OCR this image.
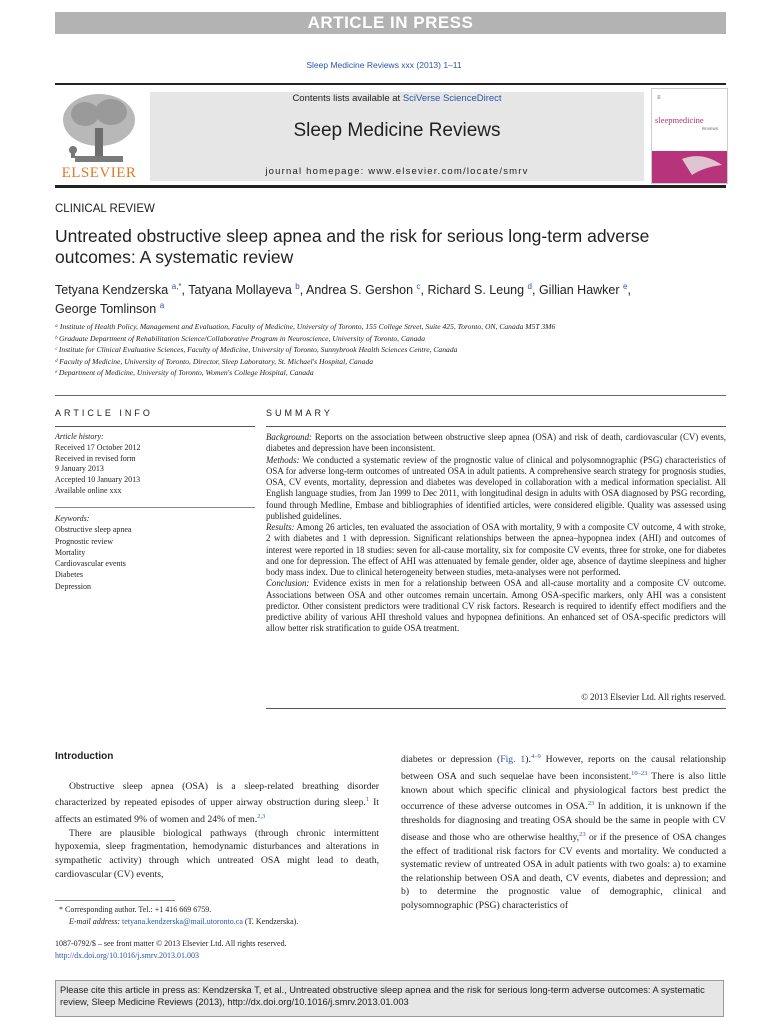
ARTICLE IN PRESS
Sleep Medicine Reviews xxx (2013) 1–11
ELSEVIER
Contents lists available at SciVerse ScienceDirect
Sleep Medicine Reviews
journal homepage: www.elsevier.com/locate/smrv
≡
sleepmedicine
REVIEWS
CLINICAL REVIEW
Untreated obstructive sleep apnea and the risk for serious long-term adverse outcomes: A systematic review
Tetyana Kendzerska $^{a,*}$, Tatyana Mollayeva $^b$, Andrea S. Gershon $^c$, Richard S. Leung $^d$, Gillian Hawker $^e$,
George Tomlinson $^a$
ᵃ Institute of Health Policy, Management and Evaluation, Faculty of Medicine, University of Toronto, 155 College Street, Suite 425, Toronto, ON, Canada M5T 3M6
ᵇ Graduate Department of Rehabilitation Science/Collaborative Program in Neuroscience, University of Toronto, Canada
ᶜ Institute for Clinical Evaluative Sciences, Faculty of Medicine, University of Toronto, Sunnybrook Health Sciences Centre, Canada
ᵈ Faculty of Medicine, University of Toronto, Director, Sleep Laboratory, St. Michael's Hospital, Canada
ᵉ Department of Medicine, University of Toronto, Women's College Hospital, Canada
ARTICLE INFO	SUMMARY
Article history:
Received 17 October 2012
Received in revised form
9 January 2013
Accepted 10 January 2013
Available online xxx
Keywords:
Obstructive sleep apnea
Prognostic review
Mortality
Cardiovascular events
Diabetes
Depression
Background: Reports on the association between obstructive sleep apnea (OSA) and risk of death, cardiovascular (CV) events, diabetes and depression have been inconsistent.
Methods: We conducted a systematic review of the prognostic value of clinical and polysomnographic (PSG) characteristics of OSA for adverse long-term outcomes of untreated OSA in adult patients. A comprehensive search strategy for prognosis studies, OSA, CV events, mortality, depression and diabetes was developed in collaboration with a medical information specialist. All English language studies, from Jan 1999 to Dec 2011, with longitudinal design in adults with OSA diagnosed by PSG recording, found through Medline, Embase and bibliographies of identified articles, were considered eligible. Quality was assessed using published guidelines.
Results: Among 26 articles, ten evaluated the association of OSA with mortality, 9 with a composite CV outcome, 4 with stroke, 2 with diabetes and 1 with depression. Significant relationships between the apnea–hypopnea index (AHI) and outcomes of interest were reported in 18 studies: seven for all-cause mortality, six for composite CV events, three for stroke, one for diabetes and one for depression. The effect of AHI was attenuated by female gender, older age, absence of daytime sleepiness and higher body mass index. Due to clinical heterogeneity between studies, meta-analyses were not performed.
Conclusion: Evidence exists in men for a relationship between OSA and all-cause mortality and a composite CV outcome. Associations between OSA and other outcomes remain uncertain. Among OSA-specific markers, only AHI was a consistent predictor. Other consistent predictors were traditional CV risk factors. Research is required to identify effect modifiers and the predictive ability of various AHI threshold values and hypopnea definitions. An enhanced set of OSA-specific predictors will allow better risk stratification to guide OSA treatment.
© 2013 Elsevier Ltd. All rights reserved.

Introduction

Obstructive sleep apnea (OSA) is a sleep-related breathing disorder characterized by repeated episodes of upper airway obstruction during sleep.$^1$ It affects an estimated 9% of women and 24% of men.$^{2,3}$

There are plausible biological pathways (through chronic intermittent hypoxemia, sleep fragmentation, hemodynamic disturbances and alterations in sympathetic activity) through which untreated OSA might lead to death, cardiovascular (CV) events,

diabetes or depression (Fig. 1).$^{4-9}$ However, reports on the causal relationship between OSA and such sequelae have been inconsistent.$^{10-23}$ There is also little known about which specific clinical and physiological factors best predict the occurrence of these adverse outcomes in OSA.$^{23}$ In addition, it is unknown if the thresholds for diagnosing and treating OSA should be the same in people with CV disease and those who are otherwise healthy,$^{23}$ or if the presence of OSA changes the effect of traditional risk factors for CV events and mortality. We conducted a systematic review of untreated OSA in adult patients with two goals: a) to examine the relationship between OSA and death, CV events, diabetes and depression; and b) to determine the prognostic value of demographic, clinical and polysomnographic (PSG) characteristics of

* Corresponding author. Tel.: +1 416 669 6759.
E-mail address: tetyana.kendzerska@mail.utoronto.ca (T. Kendzerska).
1087-0792/$ – see front matter © 2013 Elsevier Ltd. All rights reserved.
http://dx.doi.org/10.1016/j.smrv.2013.01.003
Please cite this article in press as: Kendzerska T, et al., Untreated obstructive sleep apnea and the risk for serious long-term adverse outcomes: A systematic review, Sleep Medicine Reviews (2013), http://dx.doi.org/10.1016/j.smrv.2013.01.003
